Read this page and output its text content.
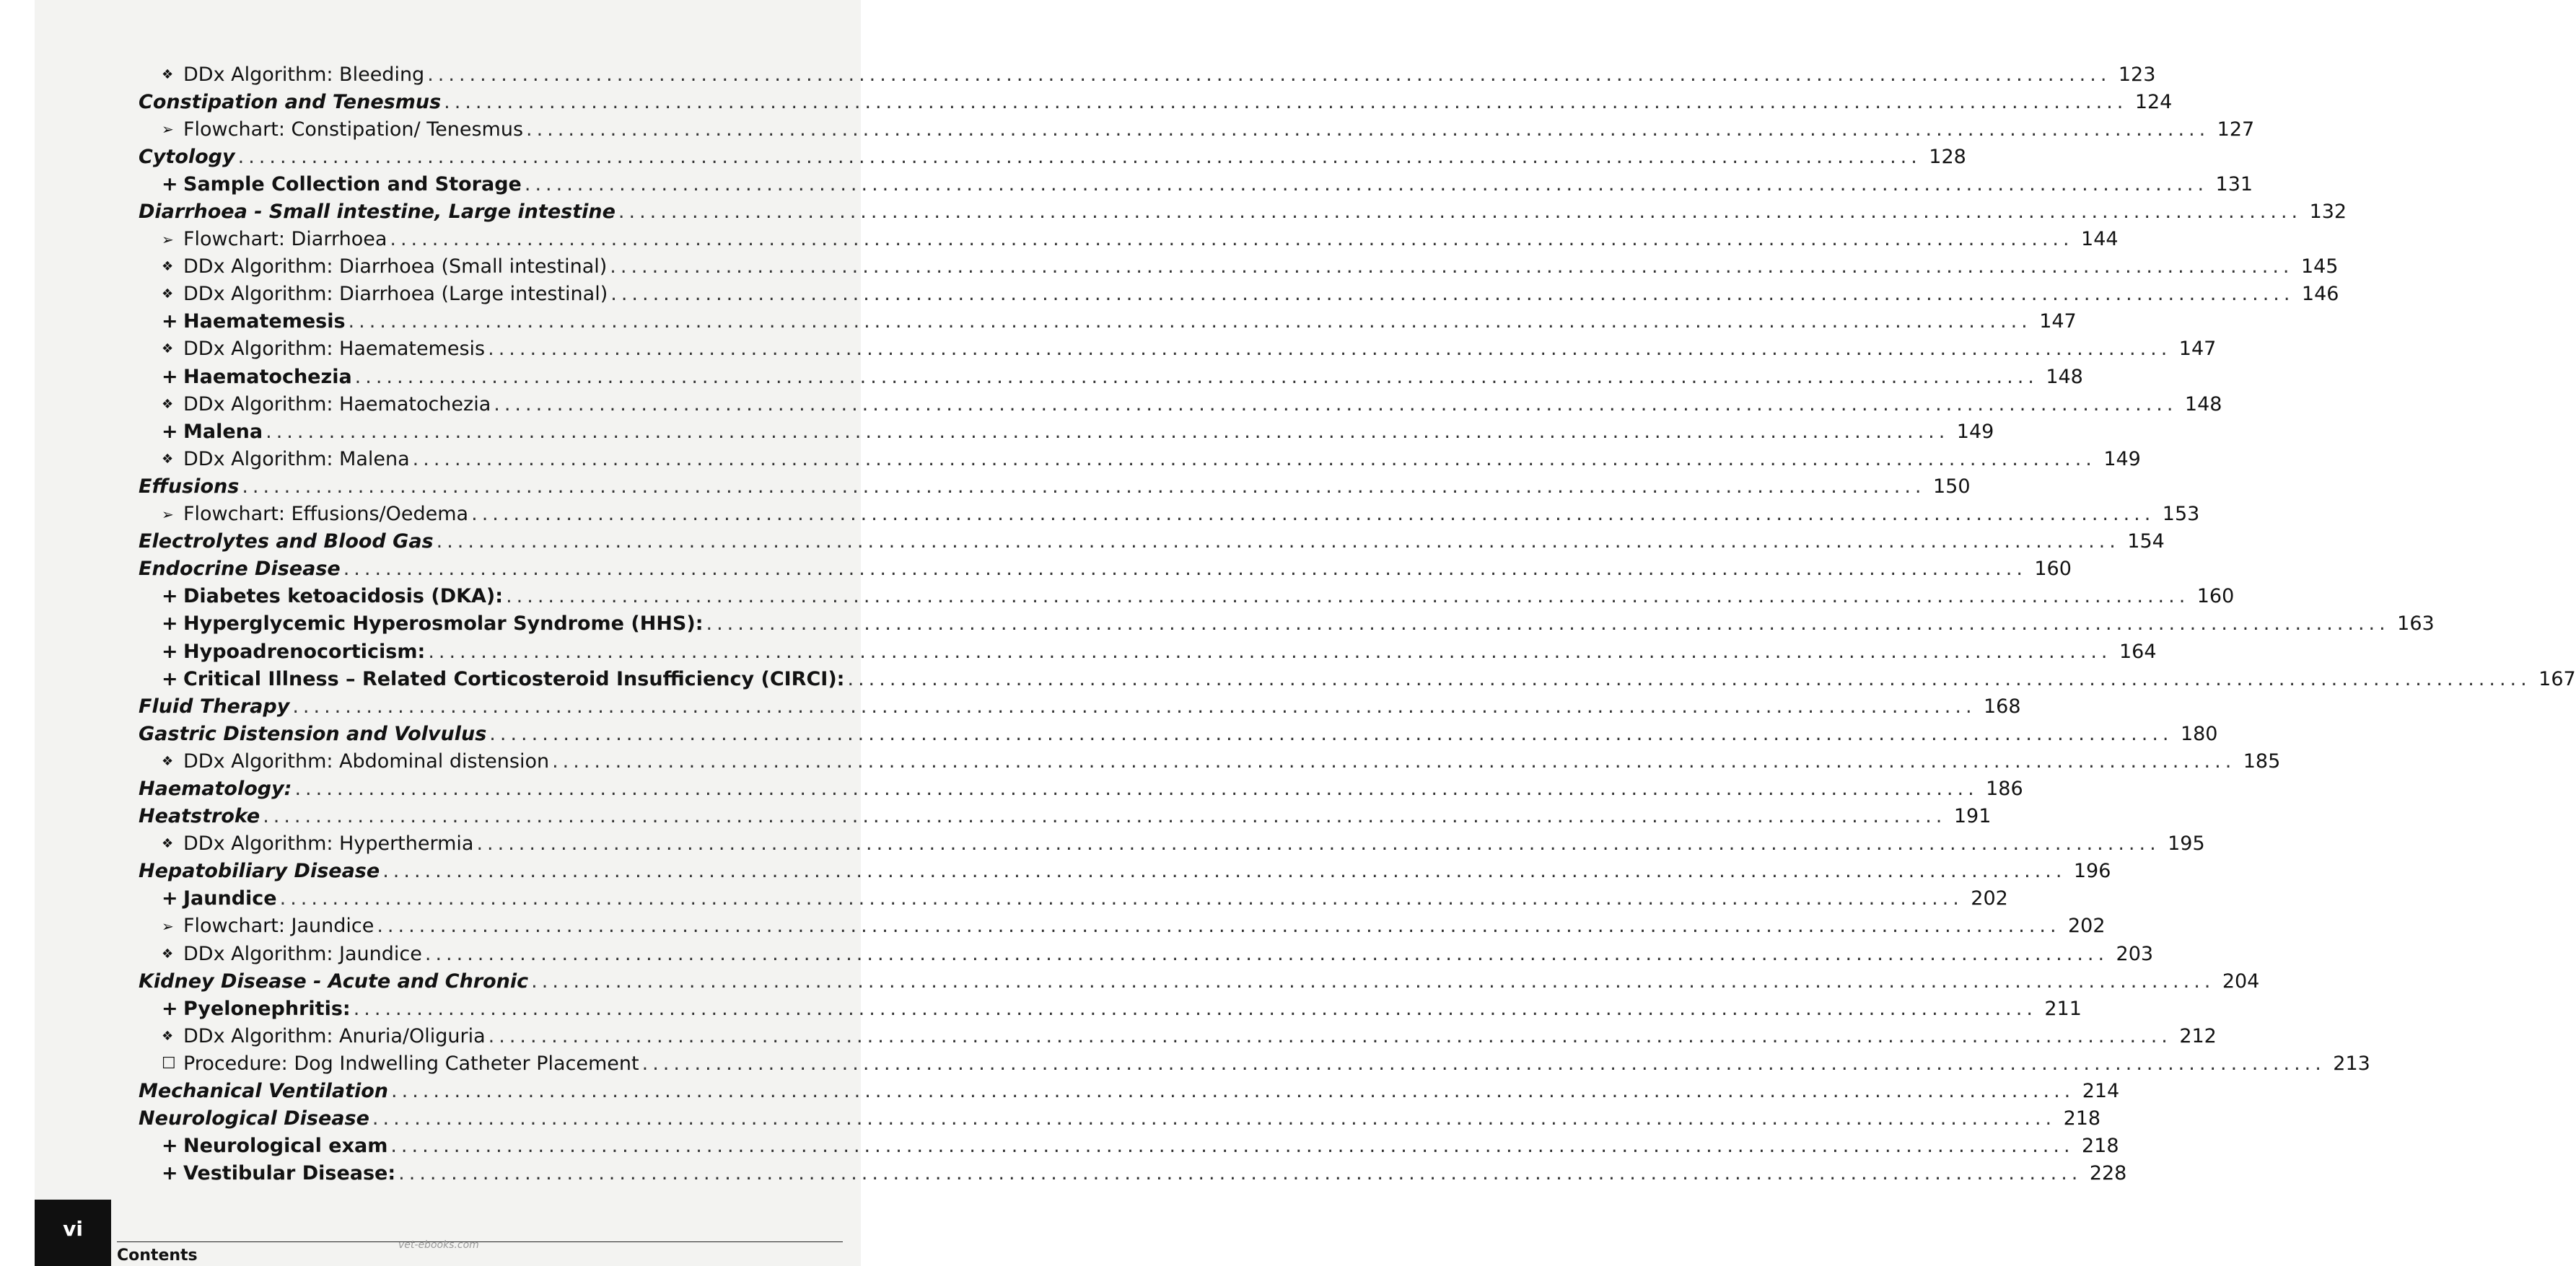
❖ DDx Algorithm: Bleeding ................................................................................................................................................................ 123
Constipation and Tenesmus ................................................................................................................................................................ 124
➢ Flowchart: Constipation/ Tenesmus ................................................................................................................................................................ 127
Cytology ................................................................................................................................................................ 128
+ Sample Collection and Storage ................................................................................................................................................................ 131
Diarrhoea - Small intestine, Large intestine ................................................................................................................................................................ 132
➢ Flowchart: Diarrhoea ................................................................................................................................................................ 144
❖ DDx Algorithm: Diarrhoea (Small intestinal) ................................................................................................................................................................ 145
❖ DDx Algorithm: Diarrhoea (Large intestinal) ................................................................................................................................................................ 146
+ Haematemesis ................................................................................................................................................................ 147
❖ DDx Algorithm: Haematemesis ................................................................................................................................................................ 147
+ Haematochezia ................................................................................................................................................................ 148
❖ DDx Algorithm: Haematochezia ................................................................................................................................................................ 148
+ Malena ................................................................................................................................................................ 149
❖ DDx Algorithm: Malena ................................................................................................................................................................ 149
Effusions ................................................................................................................................................................ 150
➢ Flowchart: Effusions/Oedema ................................................................................................................................................................ 153
Electrolytes and Blood Gas ................................................................................................................................................................ 154
Endocrine Disease ................................................................................................................................................................ 160
+ Diabetes ketoacidosis (DKA): ................................................................................................................................................................ 160
+ Hyperglycemic Hyperosmolar Syndrome (HHS): ................................................................................................................................................................ 163
+ Hypoadrenocorticism: ................................................................................................................................................................ 164
+ Critical Illness – Related Corticosteroid Insufficiency (CIRCI): ................................................................................................................................................................ 167
Fluid Therapy ................................................................................................................................................................ 168
Gastric Distension and Volvulus ................................................................................................................................................................ 180
❖ DDx Algorithm: Abdominal distension ................................................................................................................................................................ 185
Haematology: ................................................................................................................................................................ 186
Heatstroke ................................................................................................................................................................ 191
❖ DDx Algorithm: Hyperthermia ................................................................................................................................................................ 195
Hepatobiliary Disease ................................................................................................................................................................ 196
+ Jaundice ................................................................................................................................................................ 202
➢ Flowchart: Jaundice ................................................................................................................................................................ 202
❖ DDx Algorithm: Jaundice ................................................................................................................................................................ 203
Kidney Disease - Acute and Chronic ................................................................................................................................................................ 204
+ Pyelonephritis: ................................................................................................................................................................ 211
❖ DDx Algorithm: Anuria/Oliguria ................................................................................................................................................................ 212
☐ Procedure: Dog Indwelling Catheter Placement ................................................................................................................................................................ 213
Mechanical Ventilation ................................................................................................................................................................ 214
Neurological Disease ................................................................................................................................................................ 218
+ Neurological exam ................................................................................................................................................................ 218
+ Vestibular Disease: ................................................................................................................................................................ 228
vi
Contents
vet-ebooks.com
